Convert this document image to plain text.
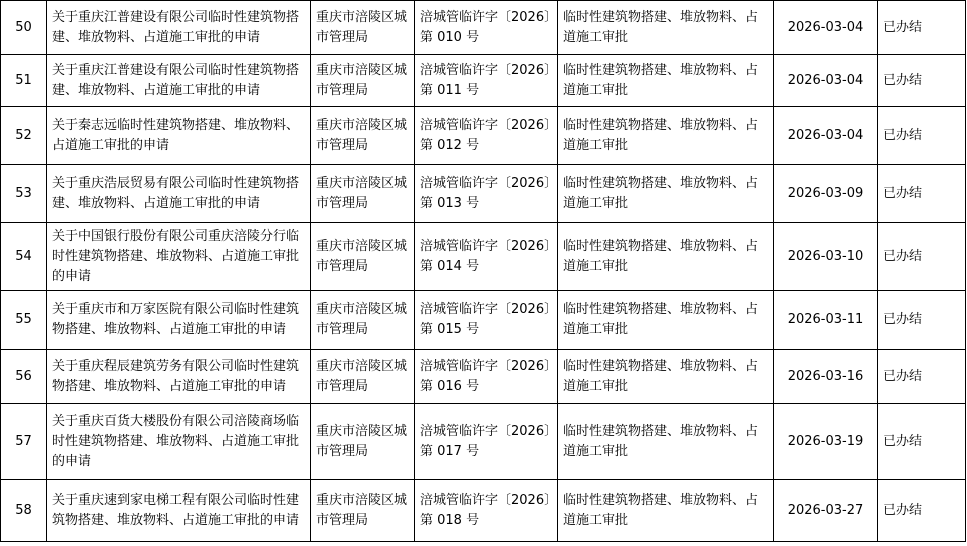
50	关于重庆江普建设有限公司临时性建筑物搭建、堆放物料、占道施工审批的申请	重庆市涪陵区城市管理局	涪城管临许字〔2026〕第 010 号	临时性建筑物搭建、堆放物料、占道施工审批	2026-03-04	已办结
51	关于重庆江普建设有限公司临时性建筑物搭建、堆放物料、占道施工审批的申请	重庆市涪陵区城市管理局	涪城管临许字〔2026〕第 011 号	临时性建筑物搭建、堆放物料、占道施工审批	2026-03-04	已办结
52	关于秦志远临时性建筑物搭建、堆放物料、占道施工审批的申请	重庆市涪陵区城市管理局	涪城管临许字〔2026〕第 012 号	临时性建筑物搭建、堆放物料、占道施工审批	2026-03-04	已办结
53	关于重庆浩辰贸易有限公司临时性建筑物搭建、堆放物料、占道施工审批的申请	重庆市涪陵区城市管理局	涪城管临许字〔2026〕第 013 号	临时性建筑物搭建、堆放物料、占道施工审批	2026-03-09	已办结
54	关于中国银行股份有限公司重庆涪陵分行临时性建筑物搭建、堆放物料、占道施工审批的申请	重庆市涪陵区城市管理局	涪城管临许字〔2026〕第 014 号	临时性建筑物搭建、堆放物料、占道施工审批	2026-03-10	已办结
55	关于重庆市和万家医院有限公司临时性建筑物搭建、堆放物料、占道施工审批的申请	重庆市涪陵区城市管理局	涪城管临许字〔2026〕第 015 号	临时性建筑物搭建、堆放物料、占道施工审批	2026-03-11	已办结
56	关于重庆程辰建筑劳务有限公司临时性建筑物搭建、堆放物料、占道施工审批的申请	重庆市涪陵区城市管理局	涪城管临许字〔2026〕第 016 号	临时性建筑物搭建、堆放物料、占道施工审批	2026-03-16	已办结
57	关于重庆百货大楼股份有限公司涪陵商场临时性建筑物搭建、堆放物料、占道施工审批的申请	重庆市涪陵区城市管理局	涪城管临许字〔2026〕第 017 号	临时性建筑物搭建、堆放物料、占道施工审批	2026-03-19	已办结
58	关于重庆速到家电梯工程有限公司临时性建筑物搭建、堆放物料、占道施工审批的申请	重庆市涪陵区城市管理局	涪城管临许字〔2026〕第 018 号	临时性建筑物搭建、堆放物料、占道施工审批	2026-03-27	已办结
